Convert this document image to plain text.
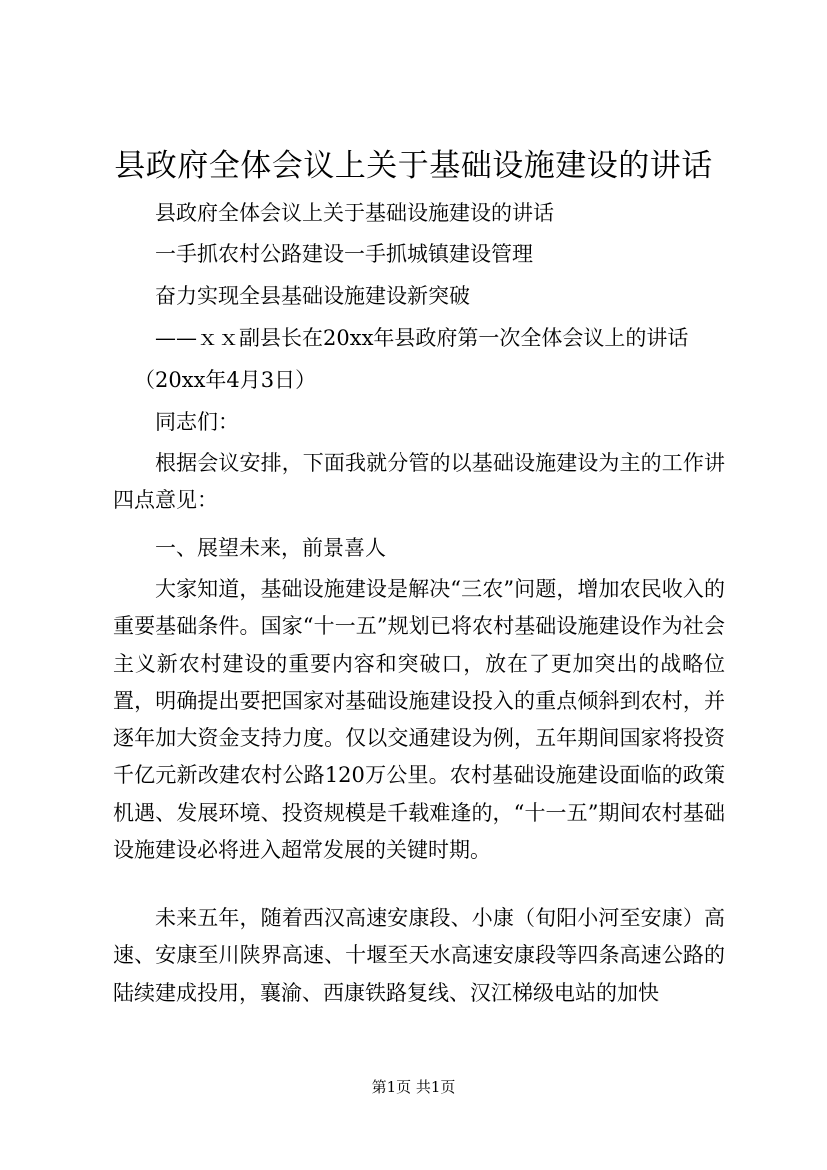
县政府全体会议上关于基础设施建设的讲话
县政府全体会议上关于基础设施建设的讲话
一手抓农村公路建设一手抓城镇建设管理
奋力实现全县基础设施建设新突破
——ｘｘ副县长在20xx年县政府第一次全体会议上的讲话
（20xx年4月3日）
同志们：

根据会议安排，下面我就分管的以基础设施建设为主的工作讲四点意见：

一、展望未来，前景喜人

大家知道，基础设施建设是解决“三农”问题，增加农民收入的重要基础条件。国家“十一五”规划已将农村基础设施建设作为社会主义新农村建设的重要内容和突破口，放在了更加突出的战略位置，明确提出要把国家对基础设施建设投入的重点倾斜到农村，并逐年加大资金支持力度。仅以交通建设为例，五年期间国家将投资千亿元新改建农村公路120万公里。农村基础设施建设面临的政策机遇、发展环境、投资规模是千载难逢的，“十一五”期间农村基础设施建设必将进入超常发展的关键时期。

未来五年，随着西汉高速安康段、小康（旬阳小河至安康）高速、安康至川陕界高速、十堰至天水高速安康段等四条高速公路的陆续建成投用，襄渝、西康铁路复线、汉江梯级电站的加快

第1页 共1页
